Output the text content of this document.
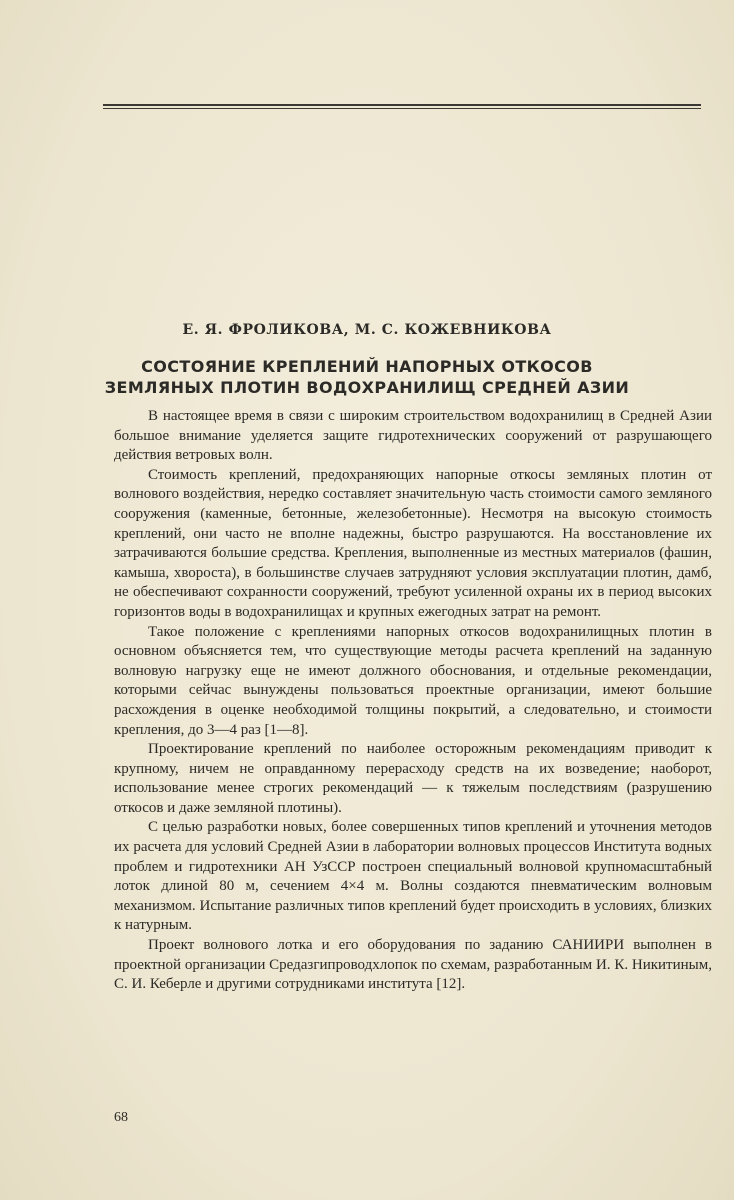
Е. Я. ФРОЛИКОВА, М. С. КОЖЕВНИКОВА

СОСТОЯНИЕ КРЕПЛЕНИЙ НАПОРНЫХ ОТКОСОВ
ЗЕМЛЯНЫХ ПЛОТИН ВОДОХРАНИЛИЩ СРЕДНЕЙ АЗИИ

В настоящее время в связи с широким строительством водохранилищ в Средней Азии большое внимание уделяется защите гидротехнических сооружений от разрушающего действия ветровых волн.

Стоимость креплений, предохраняющих напорные откосы земляных плотин от волнового воздействия, нередко составляет значительную часть стоимости самого земляного сооружения (каменные, бетонные, железобетонные). Несмотря на высокую стоимость креплений, они часто не вполне надежны, быстро разрушаются. На восстановление их затрачиваются большие средства. Крепления, выполненные из местных материалов (фашин, камыша, хвороста), в большинстве случаев затрудняют условия эксплуатации плотин, дамб, не обеспечивают сохранности сооружений, требуют усиленной охраны их в период высоких горизонтов воды в водохранилищах и крупных ежегодных затрат на ремонт.

Такое положение с креплениями напорных откосов водохранилищных плотин в основном объясняется тем, что существующие методы расчета креплений на заданную волновую нагрузку еще не имеют должного обоснования, и отдельные рекомендации, которыми сейчас вынуждены пользоваться проектные организации, имеют большие расхождения в оценке необходимой толщины покрытий, а следовательно, и стоимости крепления, до 3—4 раз [1—8].

Проектирование креплений по наиболее осторожным рекомендациям приводит к крупному, ничем не оправданному перерасходу средств на их возведение; наоборот, использование менее строгих рекомендаций — к тяжелым последствиям (разрушению откосов и даже земляной плотины).

С целью разработки новых, более совершенных типов креплений и уточнения методов их расчета для условий Средней Азии в лаборатории волновых процессов Института водных проблем и гидротехники АН УзССР построен специальный волновой крупномасштабный лоток длиной 80 м, сечением 4×4 м. Волны создаются пневматическим волновым механизмом. Испытание различных типов креплений будет происходить в условиях, близких к натурным.

Проект волнового лотка и его оборудования по заданию САНИИРИ выполнен в проектной организации Средазгипроводхлопок по схемам, разработанным И. К. Никитиным, С. И. Кеберле и другими сотрудниками института [12].

68
